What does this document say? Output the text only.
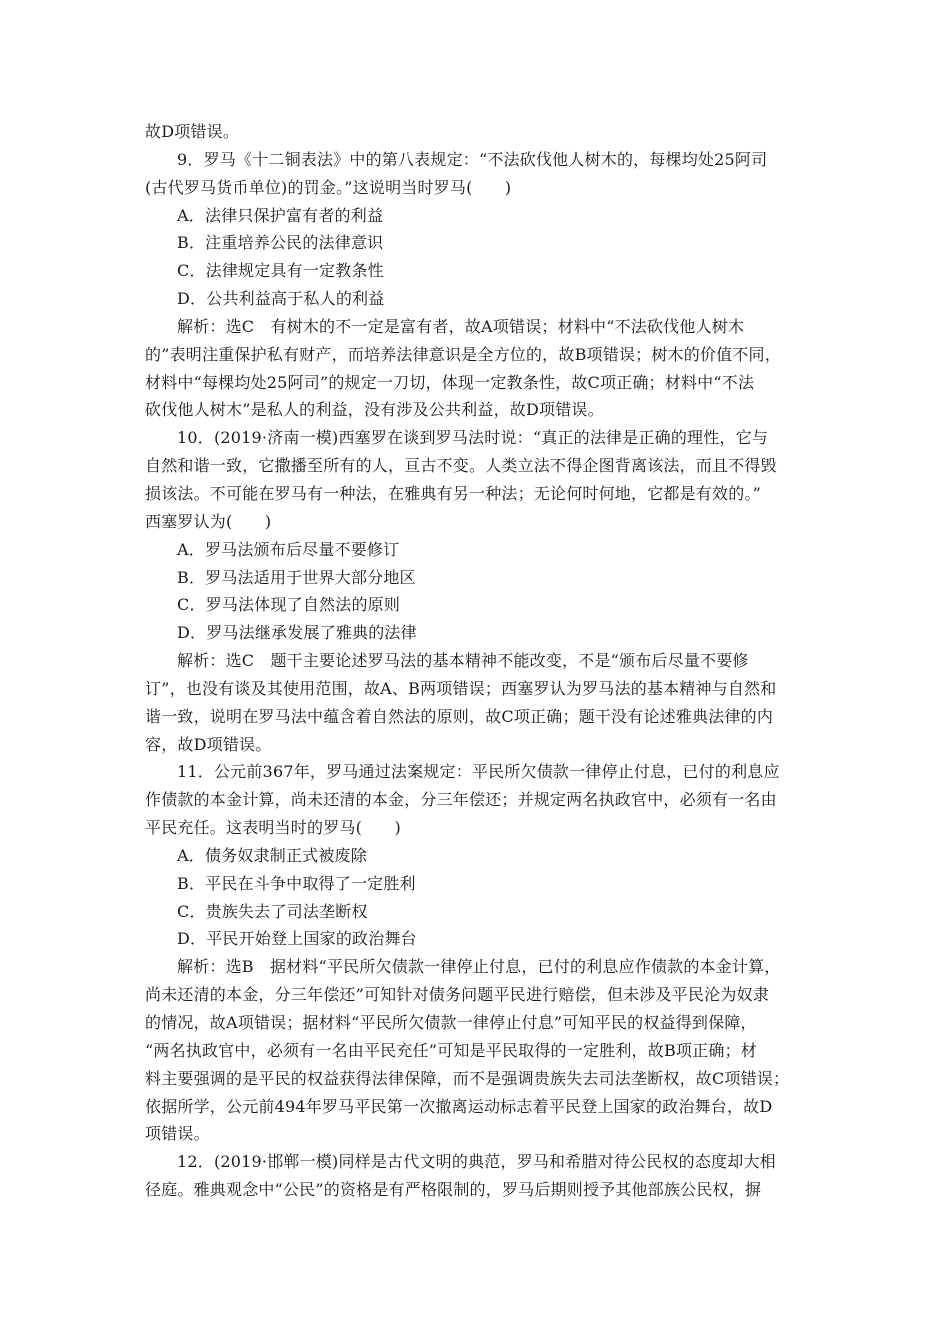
故D项错误。
9．罗马《十二铜表法》中的第八表规定：“不法砍伐他人树木的，每棵均处25阿司
(古代罗马货币单位)的罚金。”这说明当时罗马(　　)
A．法律只保护富有者的利益
B．注重培养公民的法律意识
C．法律规定具有一定教条性
D．公共利益高于私人的利益
解析：选C　有树木的不一定是富有者，故A项错误；材料中“不法砍伐他人树木
的”表明注重保护私有财产，而培养法律意识是全方位的，故B项错误；树木的价值不同，
材料中“每棵均处25阿司”的规定一刀切，体现一定教条性，故C项正确；材料中“不法
砍伐他人树木”是私人的利益，没有涉及公共利益，故D项错误。
10．(2019·济南一模)西塞罗在谈到罗马法时说：“真正的法律是正确的理性，它与
自然和谐一致，它撒播至所有的人，亘古不变。人类立法不得企图背离该法，而且不得毁
损该法。不可能在罗马有一种法，在雅典有另一种法；无论何时何地，它都是有效的。”
西塞罗认为(　　)
A．罗马法颁布后尽量不要修订
B．罗马法适用于世界大部分地区
C．罗马法体现了自然法的原则
D．罗马法继承发展了雅典的法律
解析：选C　题干主要论述罗马法的基本精神不能改变，不是“颁布后尽量不要修
订”，也没有谈及其使用范围，故A、B两项错误；西塞罗认为罗马法的基本精神与自然和
谐一致，说明在罗马法中蕴含着自然法的原则，故C项正确；题干没有论述雅典法律的内
容，故D项错误。
11．公元前367年，罗马通过法案规定：平民所欠债款一律停止付息，已付的利息应
作债款的本金计算，尚未还清的本金，分三年偿还；并规定两名执政官中，必须有一名由
平民充任。这表明当时的罗马(　　)
A．债务奴隶制正式被废除
B．平民在斗争中取得了一定胜利
C．贵族失去了司法垄断权
D．平民开始登上国家的政治舞台
解析：选B　据材料“平民所欠债款一律停止付息，已付的利息应作债款的本金计算，
尚未还清的本金，分三年偿还”可知针对债务问题平民进行赔偿，但未涉及平民沦为奴隶
的情况，故A项错误；据材料“平民所欠债款一律停止付息”可知平民的权益得到保障，
“两名执政官中，必须有一名由平民充任”可知是平民取得的一定胜利，故B项正确；材
料主要强调的是平民的权益获得法律保障，而不是强调贵族失去司法垄断权，故C项错误；
依据所学，公元前494年罗马平民第一次撤离运动标志着平民登上国家的政治舞台，故D
项错误。
12．(2019·邯郸一模)同样是古代文明的典范，罗马和希腊对待公民权的态度却大相
径庭。雅典观念中“公民”的资格是有严格限制的，罗马后期则授予其他部族公民权，摒
